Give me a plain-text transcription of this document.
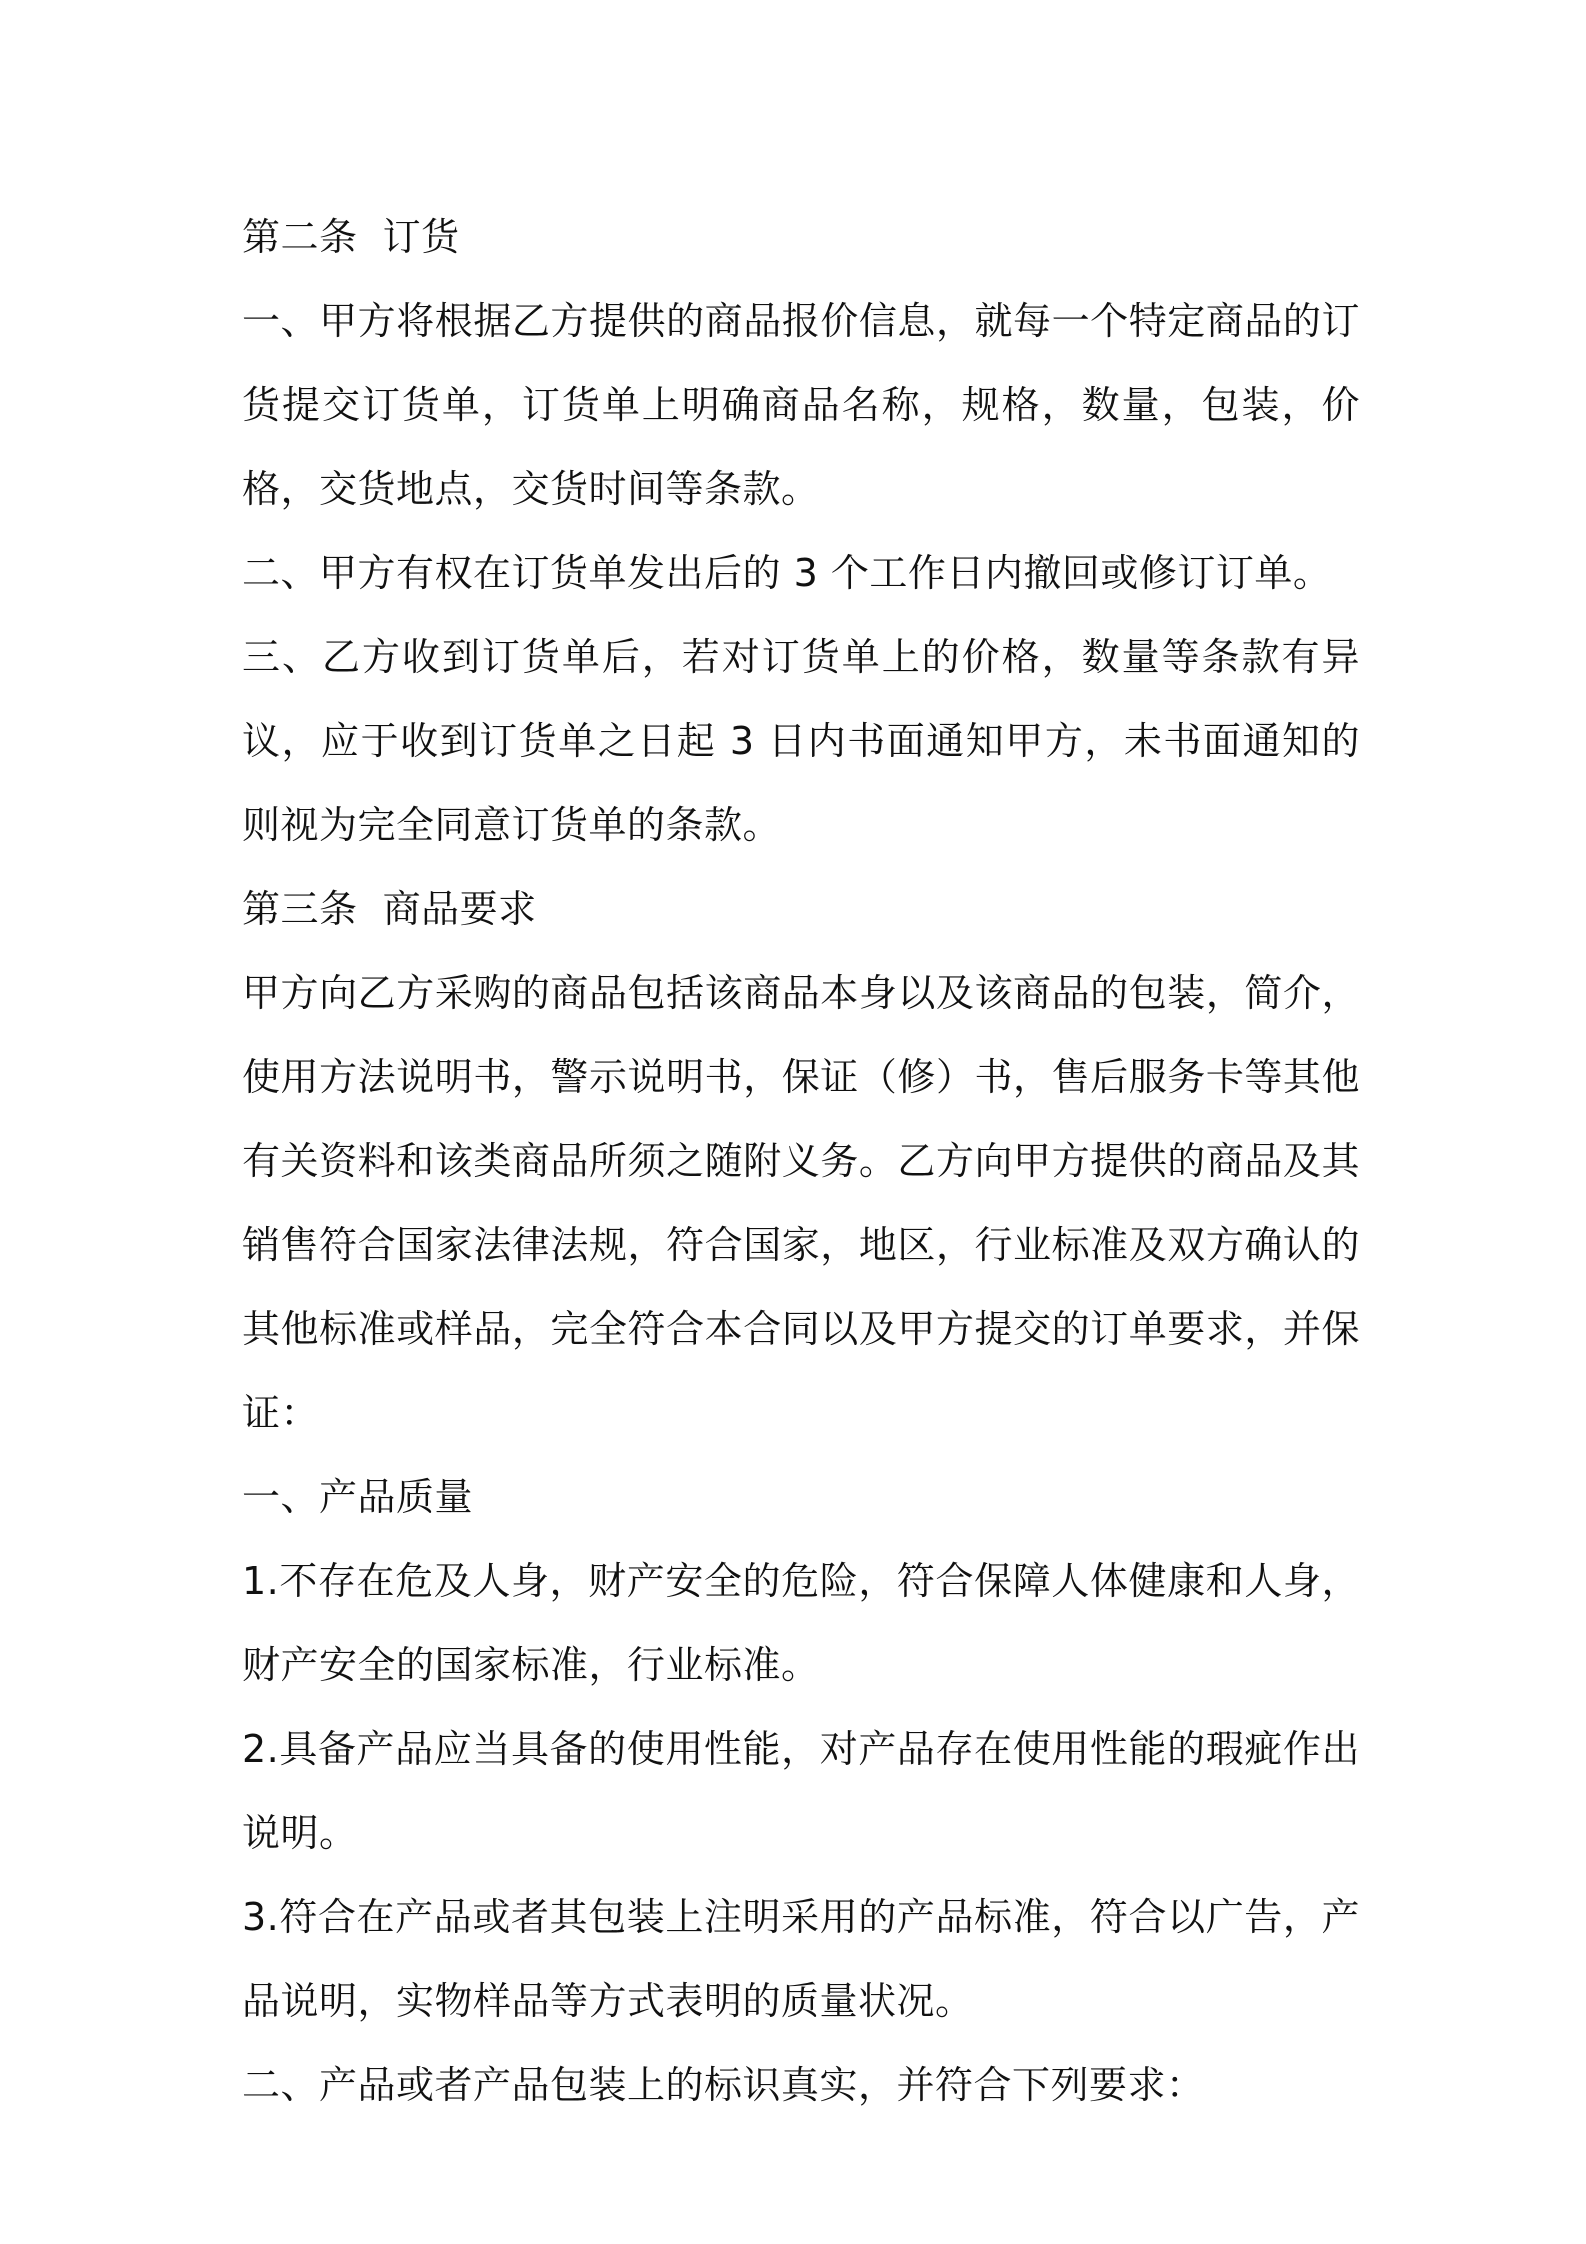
第二条  订货

一、甲方将根据乙方提供的商品报价信息，就每一个特定商品的订货提交订货单，订货单上明确商品名称，规格，数量，包装，价格，交货地点，交货时间等条款。

二、甲方有权在订货单发出后的 3 个工作日内撤回或修订订单。

三、乙方收到订货单后，若对订货单上的价格，数量等条款有异议，应于收到订货单之日起 3 日内书面通知甲方，未书面通知的则视为完全同意订货单的条款。

第三条  商品要求

甲方向乙方采购的商品包括该商品本身以及该商品的包装，简介，使用方法说明书，警示说明书，保证（修）书，售后服务卡等其他有关资料和该类商品所须之随附义务。乙方向甲方提供的商品及其销售符合国家法律法规，符合国家，地区，行业标准及双方确认的其他标准或样品，完全符合本合同以及甲方提交的订单要求，并保证：

一、产品质量

1.不存在危及人身，财产安全的危险，符合保障人体健康和人身，财产安全的国家标准，行业标准。

2.具备产品应当具备的使用性能，对产品存在使用性能的瑕疵作出说明。

3.符合在产品或者其包装上注明采用的产品标准，符合以广告，产品说明，实物样品等方式表明的质量状况。

二、产品或者产品包装上的标识真实，并符合下列要求：
